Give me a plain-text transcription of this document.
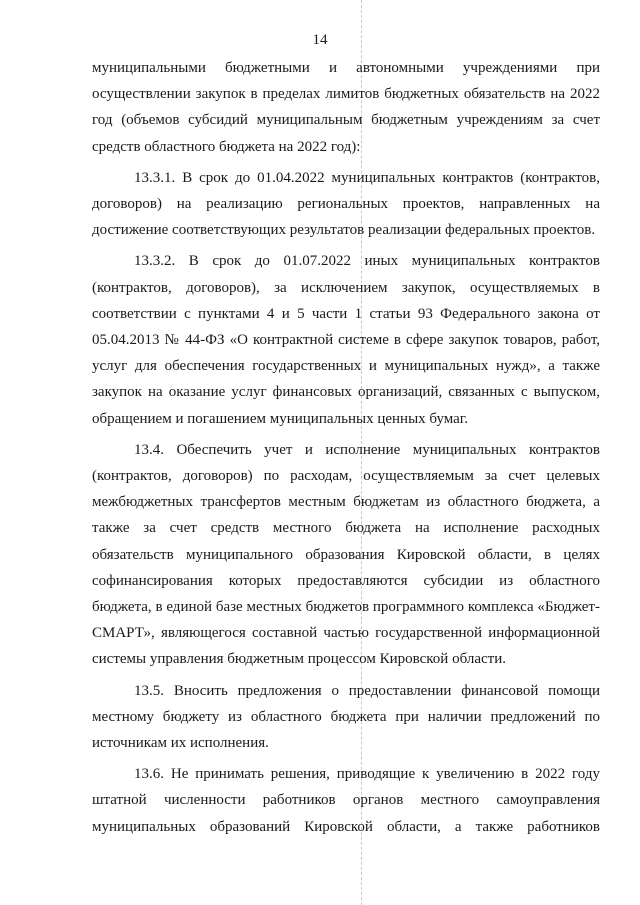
14

муниципальными бюджетными и автономными учреждениями при осуществлении закупок в пределах лимитов бюджетных обязательств на 2022 год (объемов субсидий муниципальным бюджетным учреждениям за счет средств областного бюджета на 2022 год):

13.3.1. В срок до 01.04.2022 муниципальных контрактов (контрактов, договоров) на реализацию региональных проектов, направленных на достижение соответствующих результатов реализации федеральных проектов.

13.3.2. В срок до 01.07.2022 иных муниципальных контрактов (контрактов, договоров), за исключением закупок, осуществляемых в соответствии с пунктами 4 и 5 части 1 статьи 93 Федерального закона от 05.04.2013 № 44-ФЗ «О контрактной системе в сфере закупок товаров, работ, услуг для обеспечения государственных и муниципальных нужд», а также закупок на оказание услуг финансовых организаций, связанных с выпуском, обращением и погашением муниципальных ценных бумаг.

13.4. Обеспечить учет и исполнение муниципальных контрактов (контрактов, договоров) по расходам, осуществляемым за счет целевых межбюджетных трансфертов местным бюджетам из областного бюджета, а также за счет средств местного бюджета на исполнение расходных обязательств муниципального образования Кировской области, в целях софинансирования которых предоставляются субсидии из областного бюджета, в единой базе местных бюджетов программного комплекса «Бюджет-СМАРТ», являющегося составной частью государственной информационной системы управления бюджетным процессом Кировской области.

13.5. Вносить предложения о предоставлении финансовой помощи местному бюджету из областного бюджета при наличии предложений по источникам их исполнения.

13.6. Не принимать решения, приводящие к увеличению в 2022 году штатной численности работников органов местного самоуправления муниципальных образований Кировской области, а также работников
